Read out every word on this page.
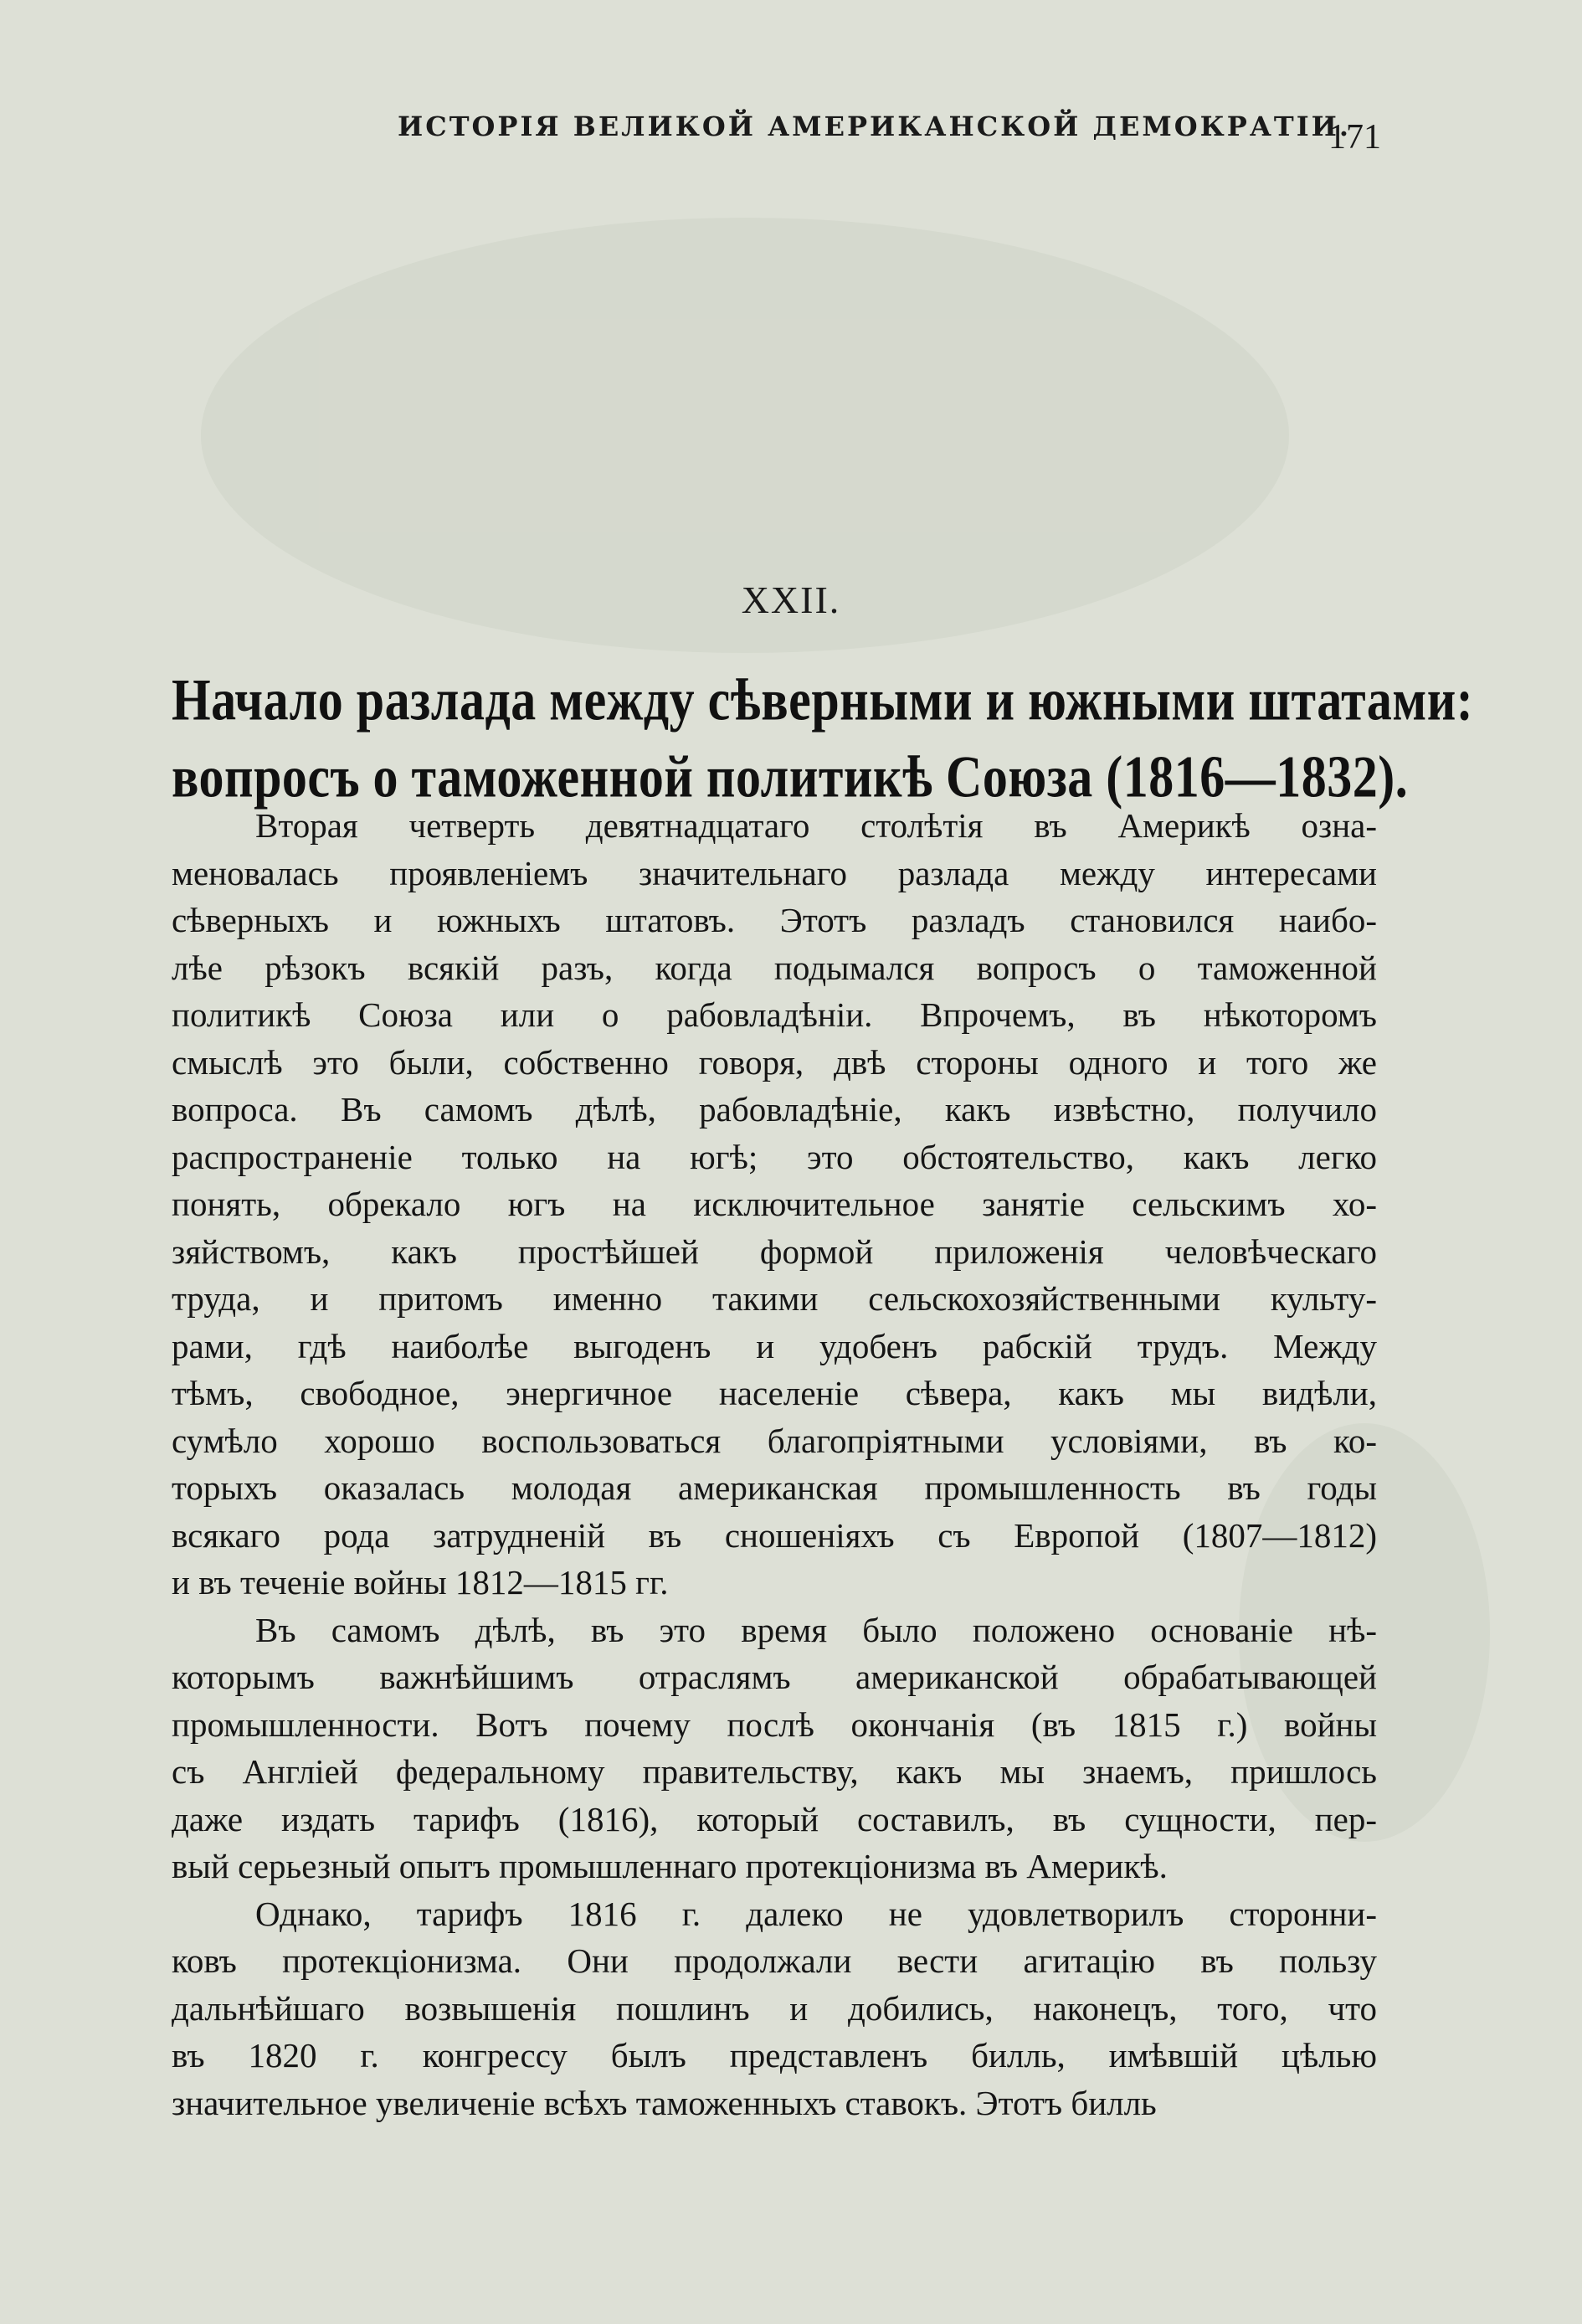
ИСТОРІЯ ВЕЛИКОЙ АМЕРИКАНСКОЙ ДЕМОКРАТІИ.
171
XXII.
Начало разлада между сѣверными и южными штатами:
вопросъ о таможенной политикѣ Союза (1816—1832).
Вторая четверть девятнадцатаго столѣтія въ Америкѣ озна-
меновалась проявленіемъ значительнаго разлада между интересами
сѣверныхъ и южныхъ штатовъ. Этотъ разладъ становился наибо-
лѣе рѣзокъ всякій разъ, когда подымался вопросъ о таможенной
политикѣ Союза или о рабовладѣніи. Впрочемъ, въ нѣкоторомъ
смыслѣ это были, собственно говоря, двѣ стороны одного и того же
вопроса. Въ самомъ дѣлѣ, рабовладѣніе, какъ извѣстно, получило
распространеніе только на югѣ; это обстоятельство, какъ легко
понять, обрекало югъ на исключительное занятіе сельскимъ хо-
зяйствомъ, какъ простѣйшей формой приложенія человѣческаго
труда, и притомъ именно такими сельскохозяйственными культу-
рами, гдѣ наиболѣе выгоденъ и удобенъ рабскій трудъ. Между
тѣмъ, свободное, энергичное населеніе сѣвера, какъ мы видѣли,
сумѣло хорошо воспользоваться благопріятными условіями, въ ко-
торыхъ оказалась молодая американская промышленность въ годы
всякаго рода затрудненій въ сношеніяхъ съ Европой (1807—1812)
и въ теченіе войны 1812—1815 гг.
Въ самомъ дѣлѣ, въ это время было положено основаніе нѣ-
которымъ важнѣйшимъ отраслямъ американской обрабатывающей
промышленности. Вотъ почему послѣ окончанія (въ 1815 г.) войны
съ Англіей федеральному правительству, какъ мы знаемъ, пришлось
даже издать тарифъ (1816), который составилъ, въ сущности, пер-
вый серьезный опытъ промышленнаго протекціонизма въ Америкѣ.
Однако, тарифъ 1816 г. далеко не удовлетворилъ сторонни-
ковъ протекціонизма. Они продолжали вести агитацію въ пользу
дальнѣйшаго возвышенія пошлинъ и добились, наконецъ, того, что
въ 1820 г. конгрессу былъ представленъ билль, имѣвшій цѣлью
значительное увеличеніе всѣхъ таможенныхъ ставокъ. Этотъ билль
